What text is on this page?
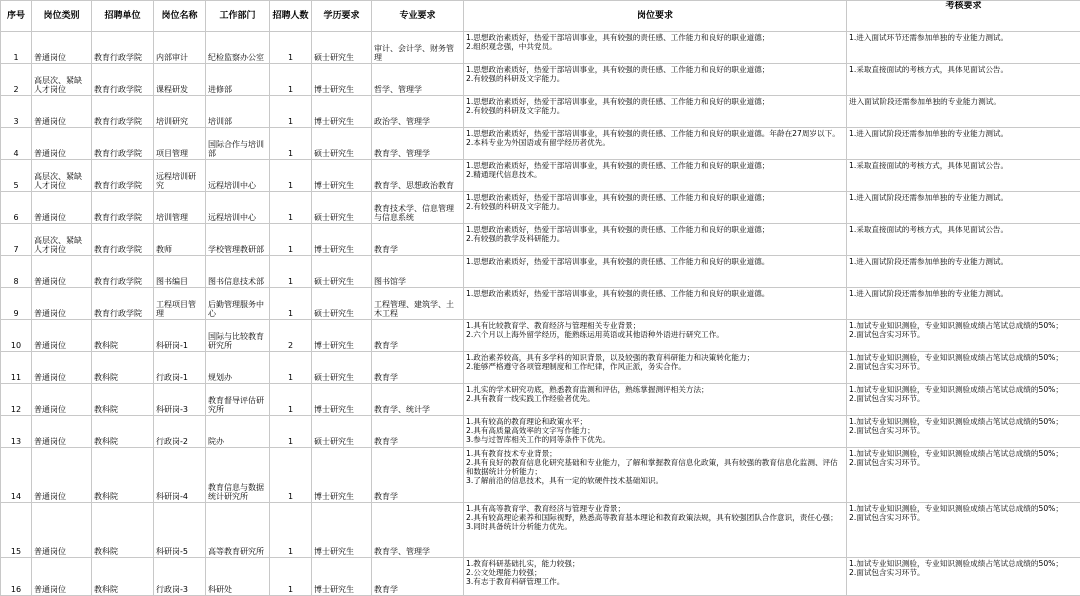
序号	岗位类别	招聘单位	岗位名称	工作部门	招聘人数	学历要求	专业要求	岗位要求	考核要求
1	普通岗位	教育行政学院	内部审计	纪检监察办公室	1	硕士研究生	审计、会计学、财务管理	1.思想政治素质好，热爱干部培训事业，具有较强的责任感、工作能力和良好的职业道德；
2.组织观念强，中共党员。	1.进入面试环节还需参加单独的专业能力测试。
2	高层次、紧缺人才岗位	教育行政学院	课程研发	进修部	1	博士研究生	哲学、管理学	1.思想政治素质好，热爱干部培训事业，具有较强的责任感、工作能力和良好的职业道德；
2.有较强的科研及文字能力。	1.采取直接面试的考核方式，具体见面试公告。
3	普通岗位	教育行政学院	培训研究	培训部	1	博士研究生	政治学、管理学	1.思想政治素质好，热爱干部培训事业，具有较强的责任感、工作能力和良好的职业道德；
2.有较强的科研及文字能力。	进入面试阶段还需参加单独的专业能力测试。
4	普通岗位	教育行政学院	项目管理	国际合作与培训部	1	硕士研究生	教育学、管理学	1.思想政治素质好，热爱干部培训事业，具有较强的责任感、工作能力和良好的职业道德。年龄在27周岁以下。
2.本科专业为外国语或有留学经历者优先。	1.进入面试阶段还需参加单独的专业能力测试。
5	高层次、紧缺人才岗位	教育行政学院	远程培训研究	远程培训中心	1	博士研究生	教育学、思想政治教育	1.思想政治素质好，热爱干部培训事业，具有较强的责任感、工作能力和良好的职业道德；
2.精通现代信息技术。	1.采取直接面试的考核方式，具体见面试公告。
6	普通岗位	教育行政学院	培训管理	远程培训中心	1	硕士研究生	教育技术学、信息管理与信息系统	1.思想政治素质好，热爱干部培训事业，具有较强的责任感、工作能力和良好的职业道德；
2.有较强的科研及文字能力。	1.进入面试阶段还需参加单独的专业能力测试。
7	高层次、紧缺人才岗位	教育行政学院	教师	学校管理教研部	1	博士研究生	教育学	1.思想政治素质好，热爱干部培训事业，具有较强的责任感、工作能力和良好的职业道德；
2.有较强的教学及科研能力。	1.采取直接面试的考核方式，具体见面试公告。
8	普通岗位	教育行政学院	图书编目	图书信息技术部	1	硕士研究生	图书馆学	1.思想政治素质好，热爱干部培训事业，具有较强的责任感、工作能力和良好的职业道德。	1.进入面试阶段还需参加单独的专业能力测试。
9	普通岗位	教育行政学院	工程项目管理	后勤管理服务中心	1	硕士研究生	工程管理、建筑学、土木工程	1.思想政治素质好，热爱干部培训事业，具有较强的责任感、工作能力和良好的职业道德。	1.进入面试阶段还需参加单独的专业能力测试。
10	普通岗位	教科院	科研岗-1	国际与比较教育研究所	2	博士研究生	教育学	1.具有比较教育学、教育经济与管理相关专业背景；
2.六个月以上海外留学经历，能熟练运用英语或其他语种外语进行研究工作。	1.加试专业知识测验，专业知识测验成绩占笔试总成绩的50%；
2.面试包含实习环节。
11	普通岗位	教科院	行政岗-1	规划办	1	硕士研究生	教育学	1.政治素养较高，具有多学科的知识背景，以及较强的教育科研能力和决策转化能力；
2.能够严格遵守各项管理制度和工作纪律，作风正派，务实合作。	1.加试专业知识测验，专业知识测验成绩占笔试总成绩的50%；
2.面试包含实习环节。
12	普通岗位	教科院	科研岗-3	教育督导评估研究所	1	博士研究生	教育学、统计学	1.扎实的学术研究功底，熟悉教育监测和评估，熟练掌握测评相关方法；
2.具有教育一线实践工作经验者优先。	1.加试专业知识测验，专业知识测验成绩占笔试总成绩的50%；
2.面试包含实习环节。
13	普通岗位	教科院	行政岗-2	院办	1	硕士研究生	教育学	1.具有较高的教育理论和政策水平；
2.具有高质量高效率的文字写作能力；
3.参与过智库相关工作的同等条件下优先。	1.加试专业知识测验，专业知识测验成绩占笔试总成绩的50%；
2.面试包含实习环节。
14	普通岗位	教科院	科研岗-4	教育信息与数据统计研究所	1	博士研究生	教育学	1.具有教育技术专业背景；
2.具有良好的教育信息化研究基础和专业能力，了解和掌握教育信息化政策，具有较强的教育信息化监测、评估和数据统计分析能力；
3.了解前沿的信息技术，具有一定的软硬件技术基础知识。	1.加试专业知识测验，专业知识测验成绩占笔试总成绩的50%；
2.面试包含实习环节。
15	普通岗位	教科院	科研岗-5	高等教育研究所	1	博士研究生	教育学、管理学	1.具有高等教育学、教育经济与管理专业背景；
2.具有较高理论素养和国际视野，熟悉高等教育基本理论和教育政策法规，具有较强团队合作意识，责任心强；
3.同时具备统计分析能力优先。	1.加试专业知识测验，专业知识测验成绩占笔试总成绩的50%；
2.面试包含实习环节。
16	普通岗位	教科院	行政岗-3	科研处	1	博士研究生	教育学	1.教育科研基础扎实，能力较强；
2.公文处理能力较强；
3.有志于教育科研管理工作。	1.加试专业知识测验，专业知识测验成绩占笔试总成绩的50%；
2.面试包含实习环节。
